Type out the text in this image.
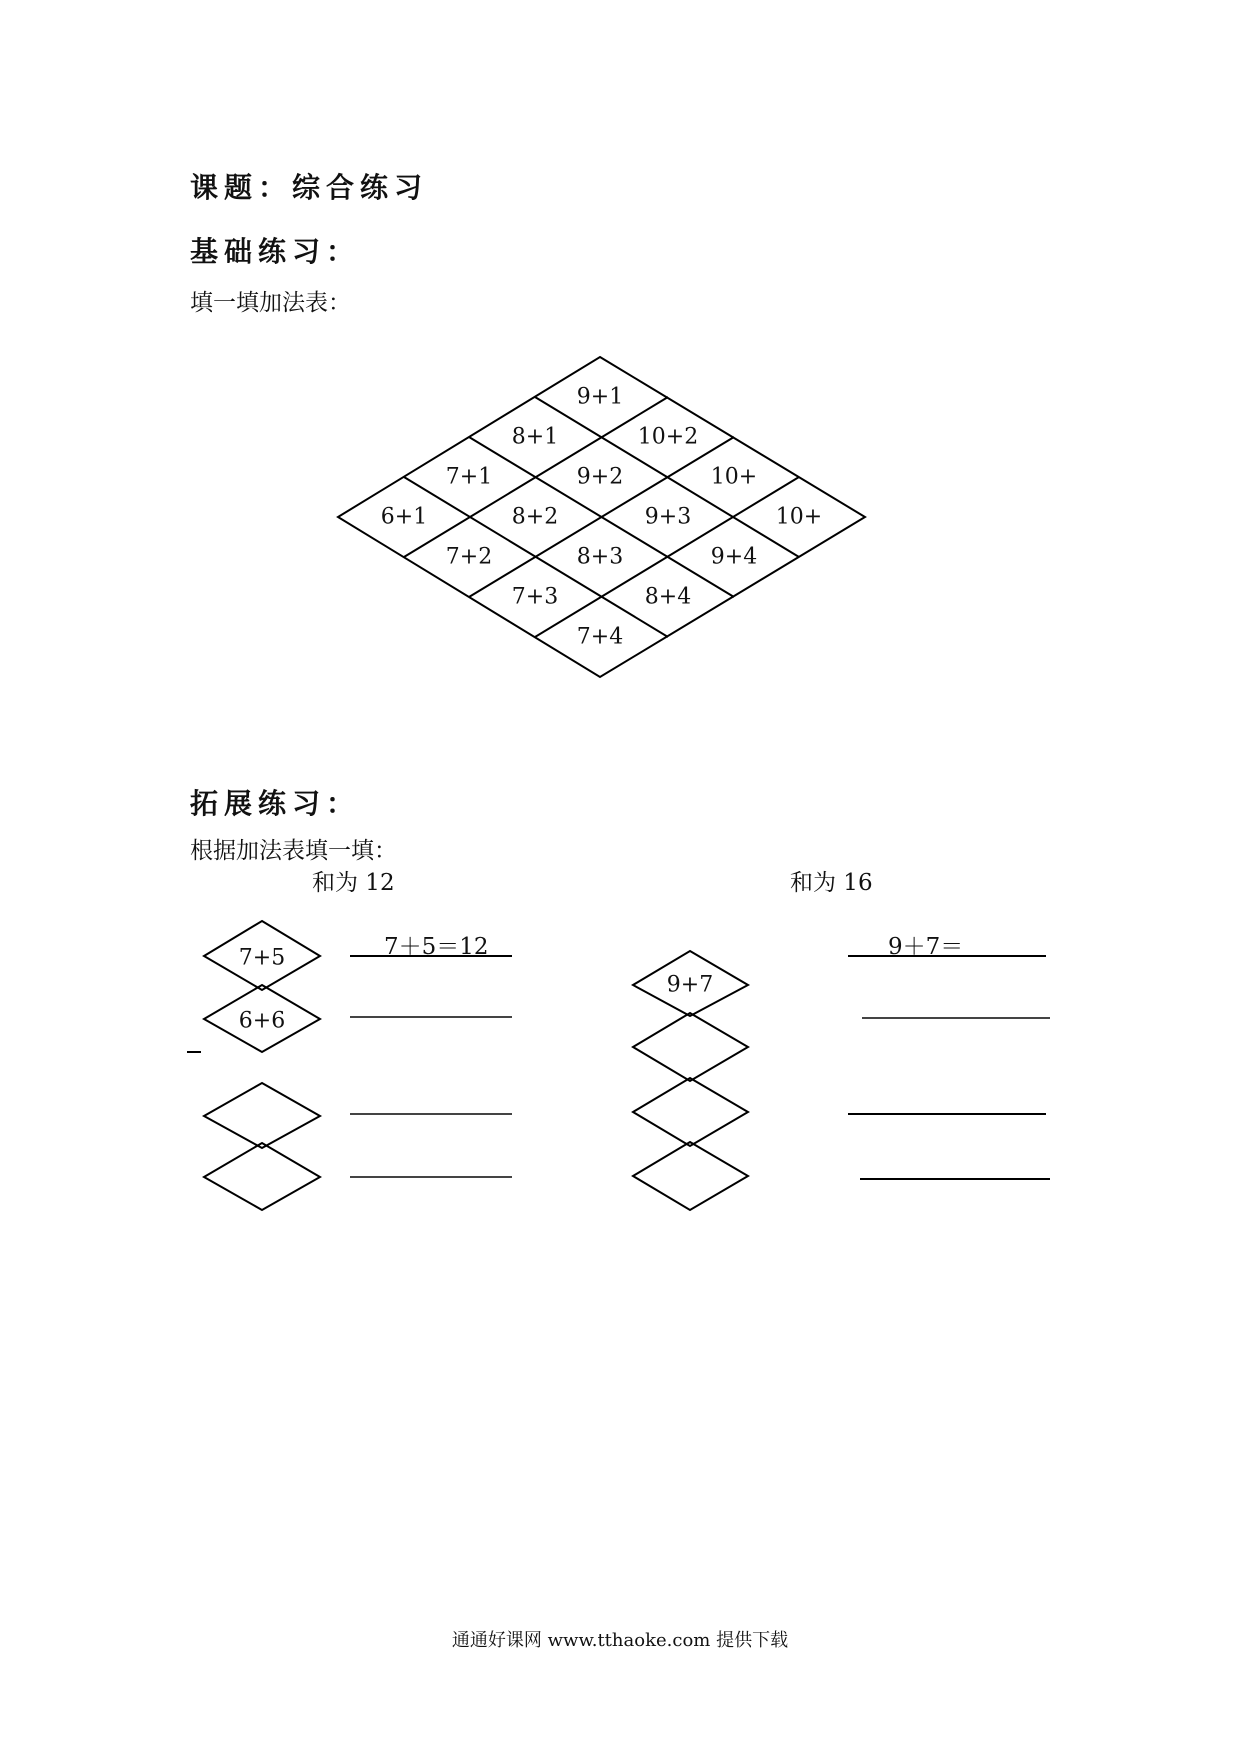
课题：综合练习
基础练习：
填一填加法表：
9+1
8+1	10+2
7+1	9+2	10+
6+1	8+2	9+3	10+
7+2	8+3	9+4
7+3	8+4
7+4
拓展练习：
根据加法表填一填：
和为 12	和为 16
7+5
6+6
9+7
7＋5＝12	9＋7＝
通通好课网 www.tthaoke.com 提供下载
